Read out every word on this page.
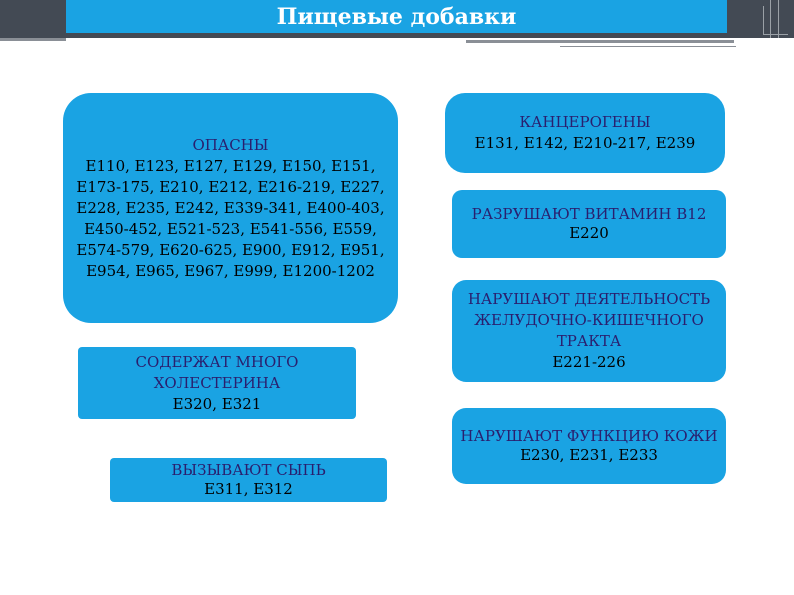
Пищевые добавки
ОПАСНЫ
Е110, Е123, Е127, Е129, Е150, Е151, Е173-175, Е210, Е212, Е216-219, Е227, Е228, Е235, Е242, Е339-341, Е400-403, Е450-452, Е521-523, Е541-556, Е559, Е574-579, Е620-625, Е900, Е912, Е951, Е954, Е965, Е967, Е999, Е1200-1202
СОДЕРЖАТ МНОГО ХОЛЕСТЕРИНА
Е320, Е321
ВЫЗЫВАЮТ СЫПЬ
Е311, Е312
КАНЦЕРОГЕНЫ
Е131, Е142, Е210-217, Е239
РАЗРУШАЮТ ВИТАМИН В12
Е220
НАРУШАЮТ ДЕЯТЕЛЬНОСТЬ ЖЕЛУДОЧНО-КИШЕЧНОГО ТРАКТА
Е221-226
НАРУШАЮТ ФУНКЦИЮ КОЖИ
Е230, Е231, Е233
